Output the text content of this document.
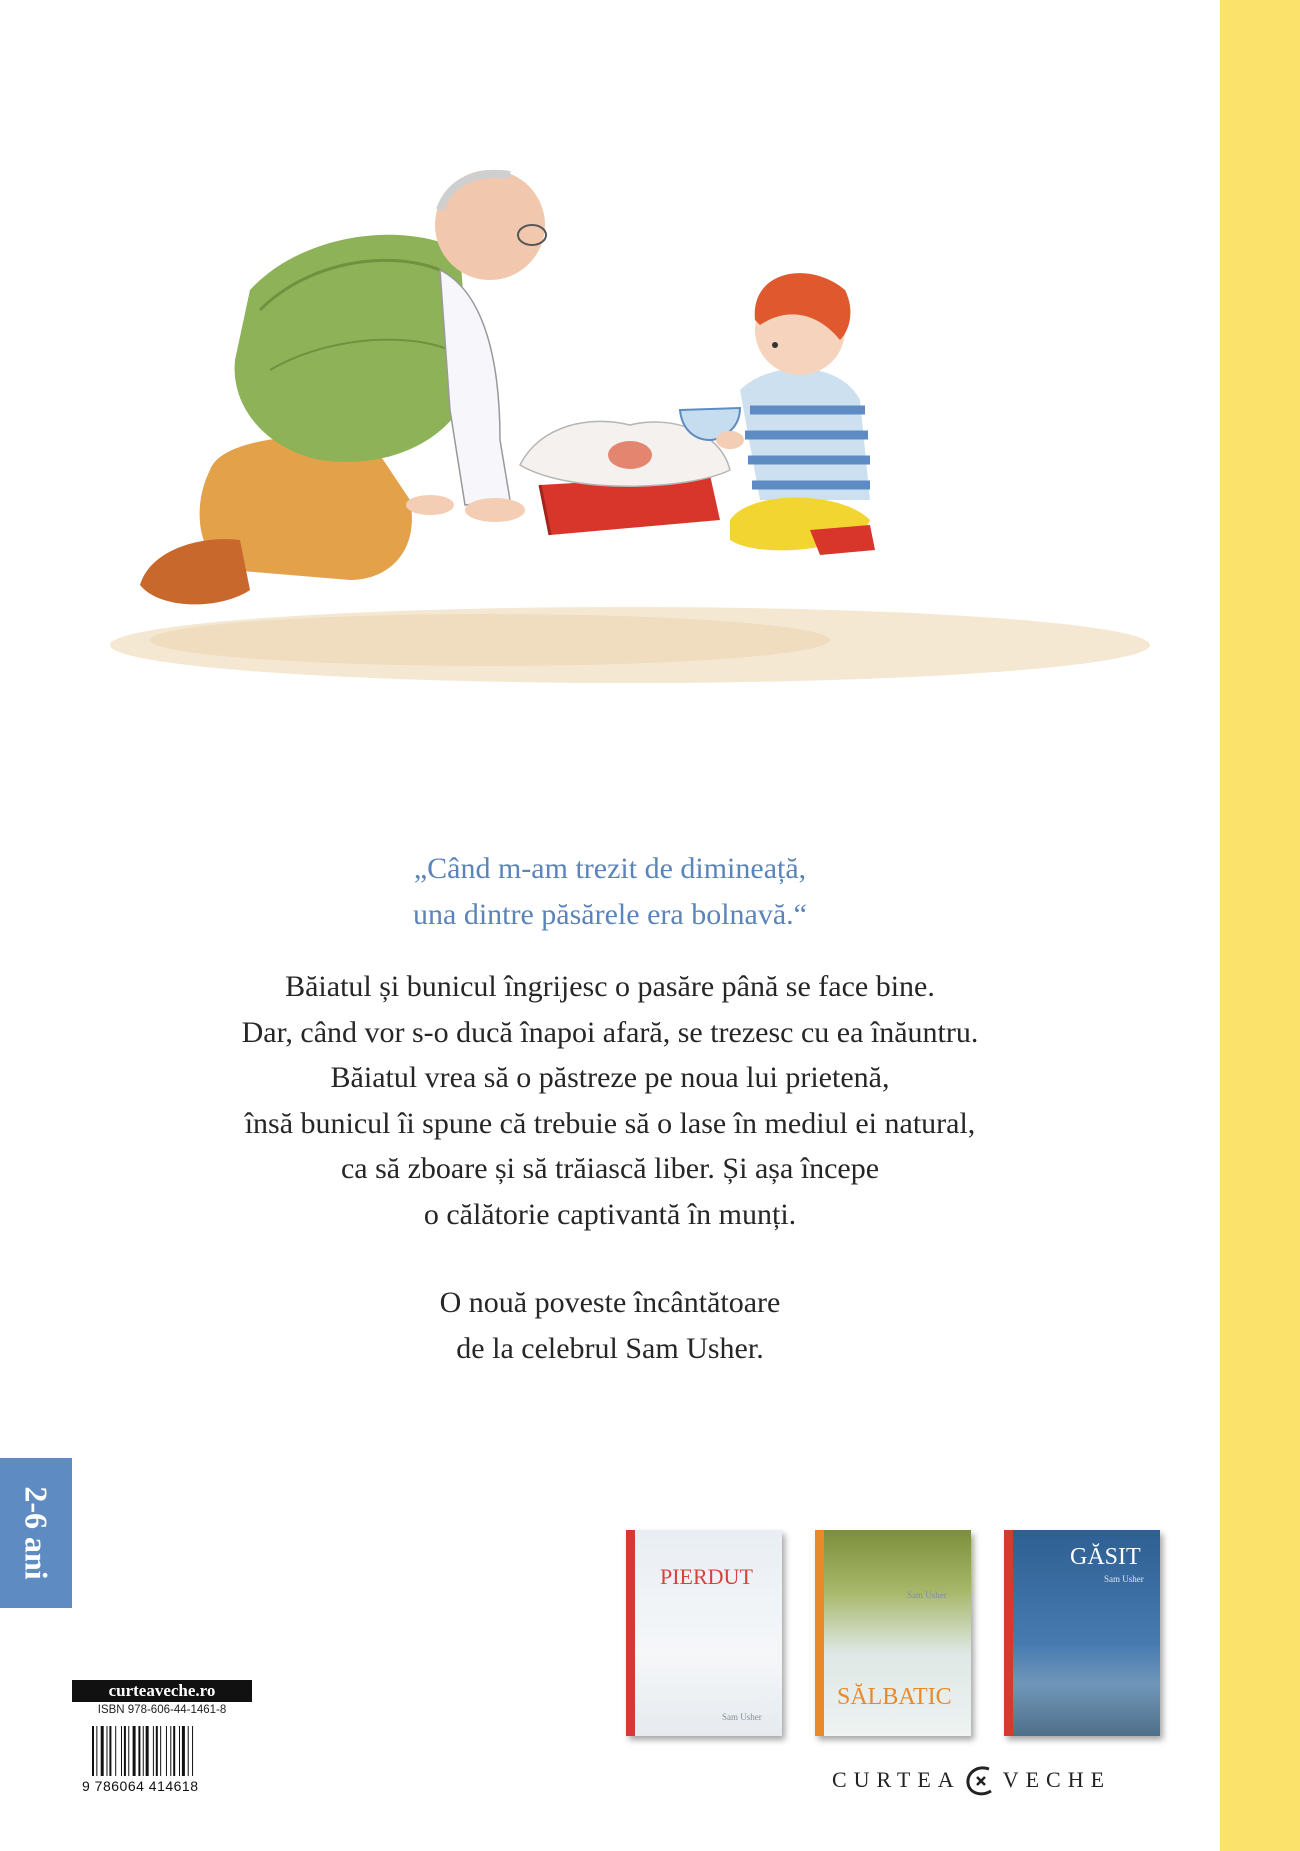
„Când m-am trezit de dimineață,
una dintre păsărele era bolnavă.“
Băiatul și bunicul îngrijesc o pasăre până se face bine.
Dar, când vor s-o ducă înapoi afară, se trezesc cu ea înăuntru.
Băiatul vrea să o păstreze pe noua lui prietenă,
însă bunicul îi spune că trebuie să o lase în mediul ei natural,
ca să zboare și să trăiască liber. Și așa începe
o călătorie captivantă în munți.
O nouă poveste încântătoare
de la celebrul Sam Usher.
2-6 ani	PIERDUT
Sam Usher
Sam Usher
SĂLBATIC
GĂSIT
Sam Usher
curteaveche.ro
ISBN 978-606-44-1461-8
9 786064 414618	CURTEA VECHE
